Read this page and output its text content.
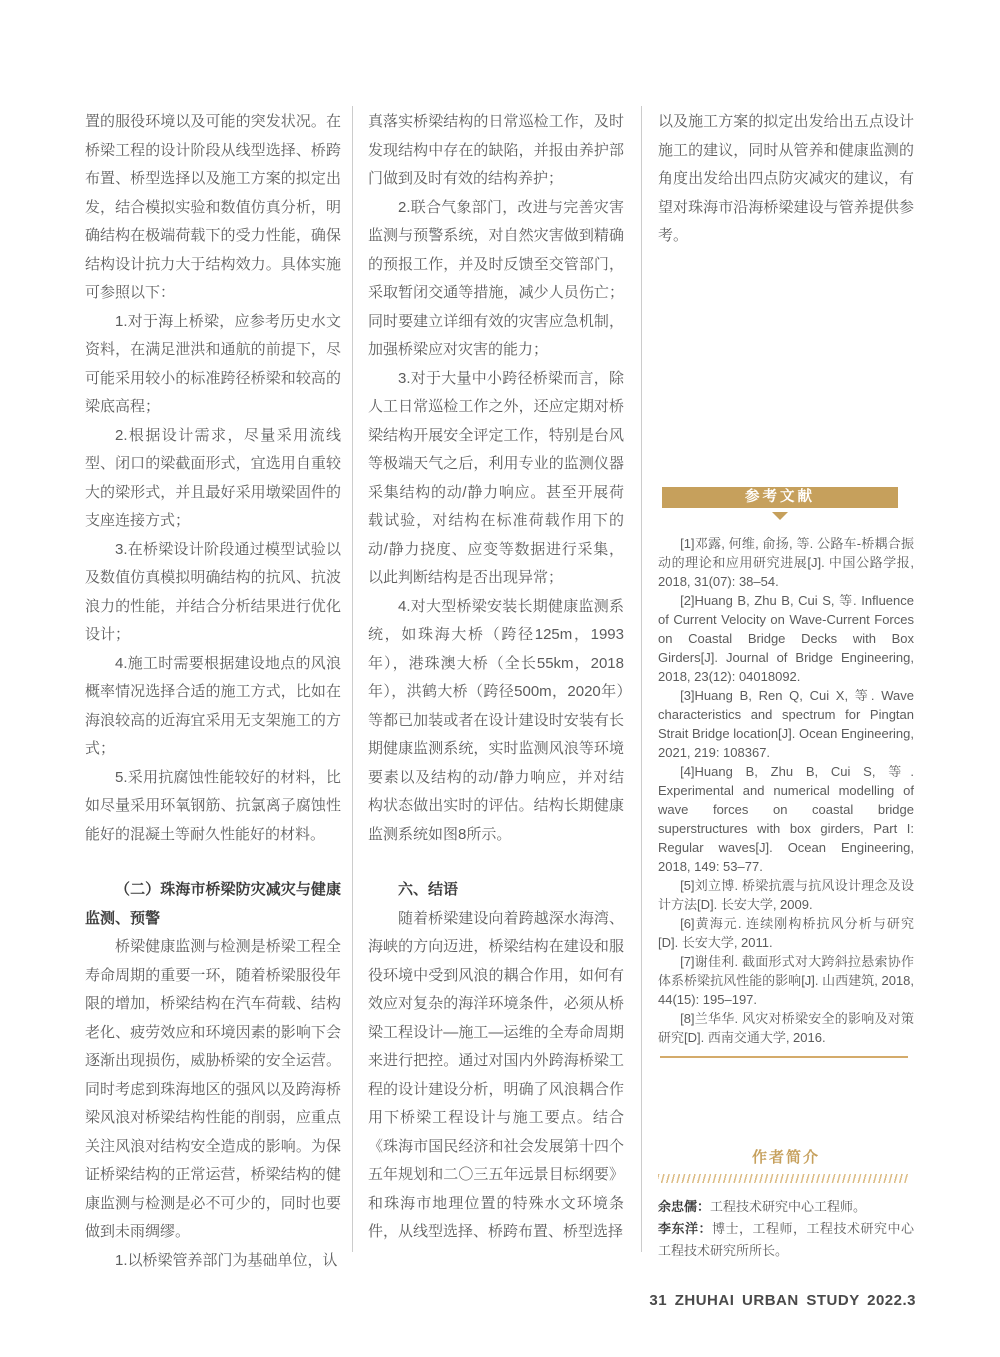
置的服役环境以及可能的突发状况。在桥梁工程的设计阶段从线型选择、桥跨布置、桥型选择以及施工方案的拟定出发，结合模拟实验和数值仿真分析，明确结构在极端荷载下的受力性能，确保结构设计抗力大于结构效力。具体实施可参照以下：

1.对于海上桥梁，应参考历史水文资料，在满足泄洪和通航的前提下，尽可能采用较小的标准跨径桥梁和较高的梁底高程；

2.根据设计需求，尽量采用流线型、闭口的梁截面形式，宜选用自重较大的梁形式，并且最好采用墩梁固件的支座连接方式；

3.在桥梁设计阶段通过模型试验以及数值仿真模拟明确结构的抗风、抗波浪力的性能，并结合分析结果进行优化设计；

4.施工时需要根据建设地点的风浪概率情况选择合适的施工方式，比如在海浪较高的近海宜采用无支架施工的方式；

5.采用抗腐蚀性能较好的材料，比如尽量采用环氧钢筋、抗氯离子腐蚀性能好的混凝土等耐久性能好的材料。

（二）珠海市桥梁防灾减灾与健康监测、预警

桥梁健康监测与检测是桥梁工程全寿命周期的重要一环，随着桥梁服役年限的增加，桥梁结构在汽车荷载、结构老化、疲劳效应和环境因素的影响下会逐渐出现损伤，威胁桥梁的安全运营。同时考虑到珠海地区的强风以及跨海桥梁风浪对桥梁结构性能的削弱，应重点关注风浪对结构安全造成的影响。为保证桥梁结构的正常运营，桥梁结构的健康监测与检测是必不可少的，同时也要做到未雨绸缪。

1.以桥梁管养部门为基础单位，认

真落实桥梁结构的日常巡检工作，及时发现结构中存在的缺陷，并报由养护部门做到及时有效的结构养护；

2.联合气象部门，改进与完善灾害监测与预警系统，对自然灾害做到精确的预报工作，并及时反馈至交管部门，采取暂闭交通等措施，减少人员伤亡；同时要建立详细有效的灾害应急机制，加强桥梁应对灾害的能力；

3.对于大量中小跨径桥梁而言，除人工日常巡检工作之外，还应定期对桥梁结构开展安全评定工作，特别是台风等极端天气之后，利用专业的监测仪器采集结构的动/静力响应。甚至开展荷载试验，对结构在标准荷载作用下的动/静力挠度、应变等数据进行采集，以此判断结构是否出现异常；

4.对大型桥梁安装长期健康监测系统，如珠海大桥（跨径125m，1993年），港珠澳大桥（全长55km，2018年），洪鹤大桥（跨径500m，2020年）等都已加装或者在设计建设时安装有长期健康监测系统，实时监测风浪等环境要素以及结构的动/静力响应，并对结构状态做出实时的评估。结构长期健康监测系统如图8所示。

六、结语

随着桥梁建设向着跨越深水海湾、海峡的方向迈进，桥梁结构在建设和服役环境中受到风浪的耦合作用，如何有效应对复杂的海洋环境条件，必须从桥梁工程设计—施工—运维的全寿命周期来进行把控。通过对国内外跨海桥梁工程的设计建设分析，明确了风浪耦合作用下桥梁工程设计与施工要点。结合《珠海市国民经济和社会发展第十四个五年规划和二〇三五年远景目标纲要》和珠海市地理位置的特殊水文环境条件，从线型选择、桥跨布置、桥型选择

以及施工方案的拟定出发给出五点设计施工的建议，同时从管养和健康监测的角度出发给出四点防灾减灾的建议，有望对珠海市沿海桥梁建设与管养提供参考。

参考文献

[1]邓露, 何维, 俞扬, 等. 公路车-桥耦合振动的理论和应用研究进展[J]. 中国公路学报, 2018, 31(07): 38–54.

[2]Huang B, Zhu B, Cui S, 等. Influence of Current Velocity on Wave-Current Forces on Coastal Bridge Decks with Box Girders[J]. Journal of Bridge Engineering, 2018, 23(12): 04018092.

[3]Huang B, Ren Q, Cui X, 等. Wave characteristics and spectrum for Pingtan Strait Bridge location[J]. Ocean Engineering, 2021, 219: 108367.

[4]Huang B, Zhu B, Cui S, 等. Experimental and numerical modelling of wave forces on coastal bridge superstructures with box girders, Part I: Regular waves[J]. Ocean Engineering, 2018, 149: 53–77.

[5]刘立博. 桥梁抗震与抗风设计理念及设计方法[D]. 长安大学, 2009.

[6]黄海元. 连续刚构桥抗风分析与研究[D]. 长安大学, 2011.

[7]谢佳利. 截面形式对大跨斜拉悬索协作体系桥梁抗风性能的影响[J]. 山西建筑, 2018, 44(15): 195–197.

[8]兰华华. 风灾对桥梁安全的影响及对策研究[D]. 西南交通大学, 2016.

作者简介

余忠儒：工程技术研究中心工程师。

李东洋：博士，工程师，工程技术研究中心工程技术研究所所长。

31 ZHUHAI URBAN STUDY 2022.3
